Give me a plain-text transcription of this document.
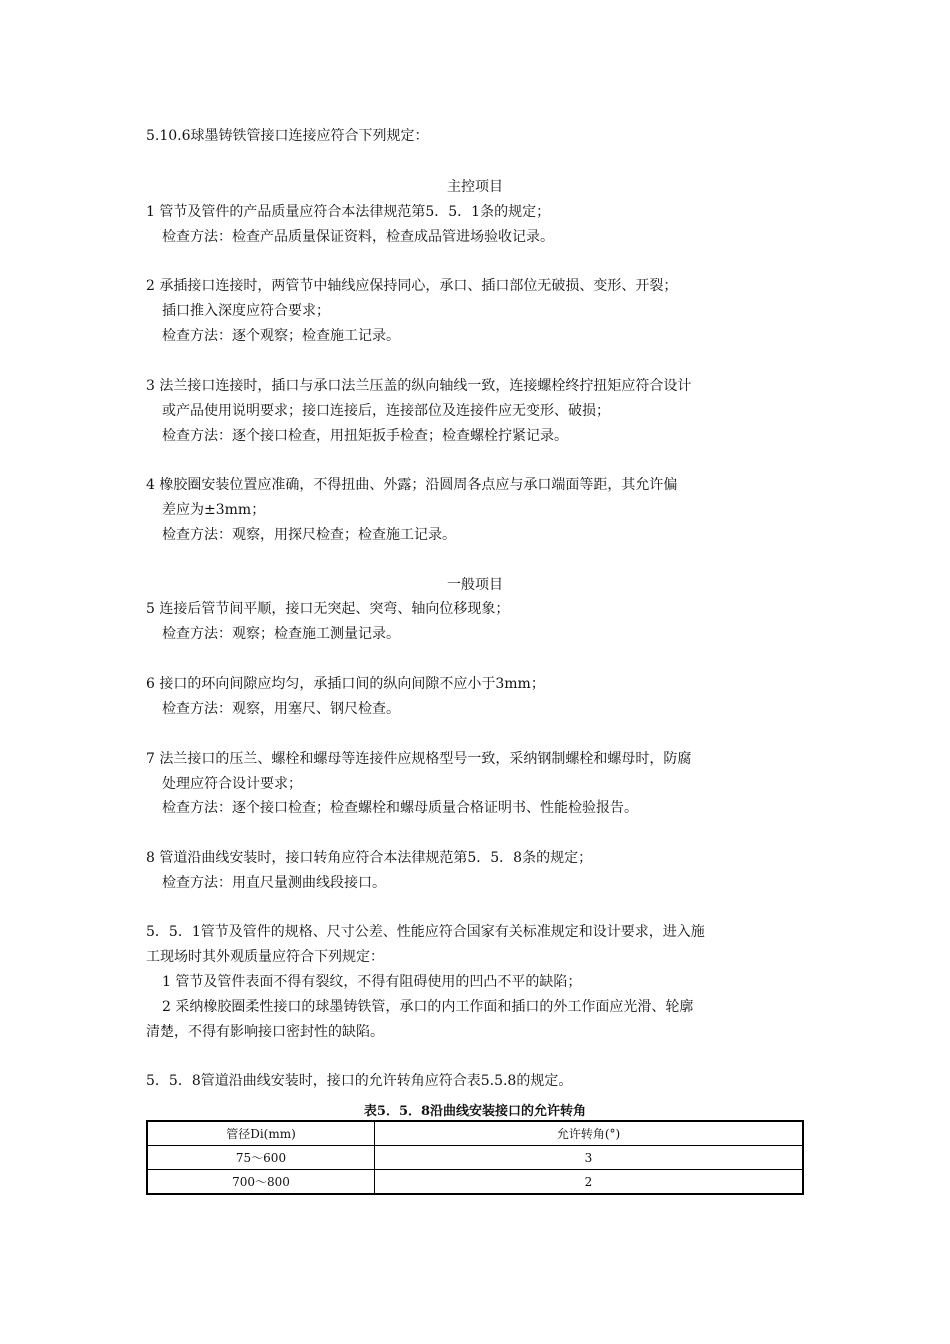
5.10.6球墨铸铁管接口连接应符合下列规定：
主控项目
1 管节及管件的产品质量应符合本法律规范第5．5．1条的规定；
检查方法：检查产品质量保证资料，检查成品管进场验收记录。
2 承插接口连接时，两管节中轴线应保持同心，承口、插口部位无破损、变形、开裂；
插口推入深度应符合要求；
检查方法：逐个观察；检查施工记录。
3 法兰接口连接时，插口与承口法兰压盖的纵向轴线一致，连接螺栓终拧扭矩应符合设计
或产品使用说明要求；接口连接后，连接部位及连接件应无变形、破损；
检查方法：逐个接口检查，用扭矩扳手检查；检查螺栓拧紧记录。
4 橡胶圈安装位置应准确，不得扭曲、外露；沿圆周各点应与承口端面等距，其允许偏
差应为±3mm；
检查方法：观察，用探尺检查；检查施工记录。
一般项目
5 连接后管节间平顺，接口无突起、突弯、轴向位移现象；
检查方法：观察；检查施工测量记录。
6 接口的环向间隙应均匀，承插口间的纵向间隙不应小于3mm；
检查方法：观察，用塞尺、钢尺检查。
7 法兰接口的压兰、螺栓和螺母等连接件应规格型号一致，采纳钢制螺栓和螺母时，防腐
处理应符合设计要求；
检查方法：逐个接口检查；检查螺栓和螺母质量合格证明书、性能检验报告。
8 管道沿曲线安装时，接口转角应符合本法律规范第5．5．8条的规定；
检查方法：用直尺量测曲线段接口。
5．5．1管节及管件的规格、尺寸公差、性能应符合国家有关标准规定和设计要求，进入施
工现场时其外观质量应符合下列规定：
1 管节及管件表面不得有裂纹，不得有阻碍使用的凹凸不平的缺陷；
2 采纳橡胶圈柔性接口的球墨铸铁管，承口的内工作面和插口的外工作面应光滑、轮廓
清楚，不得有影响接口密封性的缺陷。
5．5．8管道沿曲线安装时，接口的允许转角应符合表5.5.8的规定。
表5．5．8沿曲线安装接口的允许转角
管径Di(mm)	允许转角(°)
75～600	3
700～800	2
